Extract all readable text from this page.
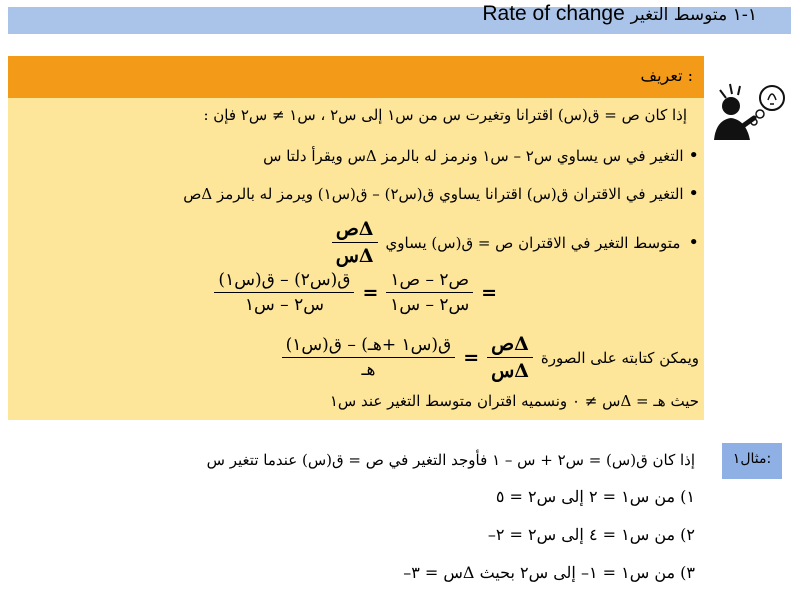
Rate of change ١-١ متوسط التغير
تعريف :
إذا كان ص = ق(س) اقترانا وتغيرت س من س١ إلى س٢ ، س١ ≠ س٢ فإن :
• التغير في س يساوي س٢ – س١ ونرمز له بالرمز Δس ويقرأ دلتا س
• التغير في الاقتران ق(س) اقترانا يساوي ق(س٢) – ق(س١) ويرمز له بالرمز Δص
•
متوسط التغير في الاقتران ص = ق(س) يساوي
$\frac{\text{Δص}}{\text{Δس}}$
=
$\frac{\text{ص٢ – ص١}}{\text{س٢ – س١}}$
=
$\frac{\text{ق(س٢) – ق(س١)}}{\text{س٢ – س١}}$
ويمكن كتابته على الصورة
$\frac{\text{Δص}}{\text{Δس}}$
=
$\frac{\text{ق(س١ +هـ) – ق(س١)}}{\text{هـ}}$
حيث هـ = Δس ≠ ٠ ونسميه اقتران متوسط التغير عند س١
مثال١:
إذا كان ق(س) = س٢ + س – ١ فأوجد التغير في ص = ق(س) عندما تتغير س
١) من س١ = ٢ إلى س٢ = ٥
٢) من س١ = ٤ إلى س٢ = ٢–
٣) من س١ = ١– إلى س٢ بحيث Δس = ٣–
